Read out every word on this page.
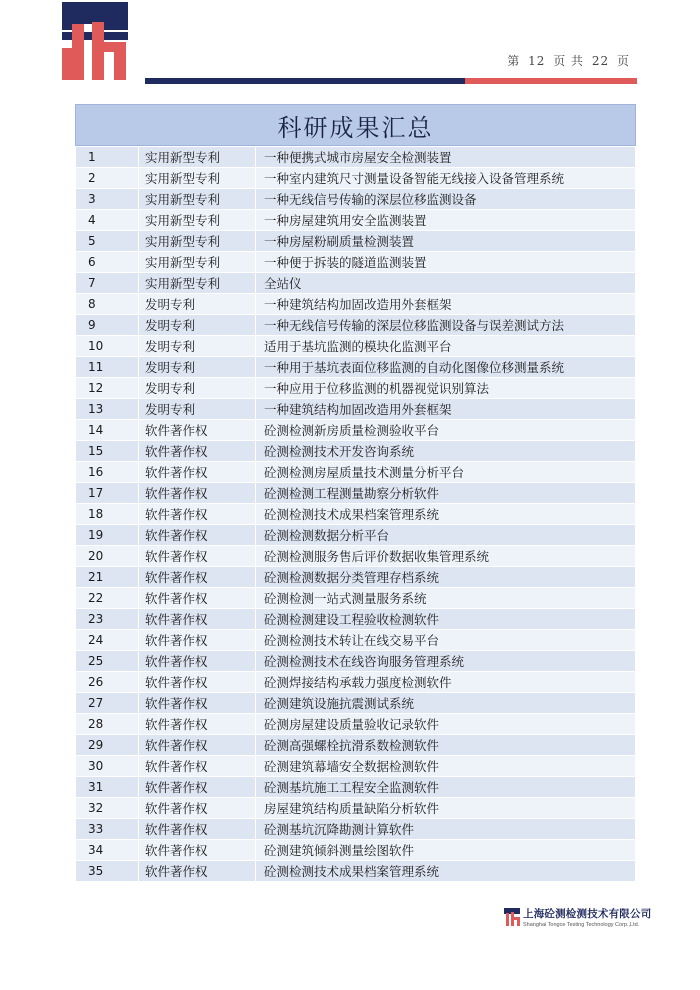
第 12 页 共 22 页
科研成果汇总
1	实用新型专利	一种便携式城市房屋安全检测装置
2	实用新型专利	一种室内建筑尺寸测量设备智能无线接入设备管理系统
3	实用新型专利	一种无线信号传输的深层位移监测设备
4	实用新型专利	一种房屋建筑用安全监测装置
5	实用新型专利	一种房屋粉刷质量检测装置
6	实用新型专利	一种便于拆装的隧道监测装置
7	实用新型专利	全站仪
8	发明专利	一种建筑结构加固改造用外套框架
9	发明专利	一种无线信号传输的深层位移监测设备与误差测试方法
10	发明专利	适用于基坑监测的模块化监测平台
11	发明专利	一种用于基坑表面位移监测的自动化图像位移测量系统
12	发明专利	一种应用于位移监测的机器视觉识别算法
13	发明专利	一种建筑结构加固改造用外套框架
14	软件著作权	砼测检测新房质量检测验收平台
15	软件著作权	砼测检测技术开发咨询系统
16	软件著作权	砼测检测房屋质量技术测量分析平台
17	软件著作权	砼测检测工程测量勘察分析软件
18	软件著作权	砼测检测技术成果档案管理系统
19	软件著作权	砼测检测数据分析平台
20	软件著作权	砼测检测服务售后评价数据收集管理系统
21	软件著作权	砼测检测数据分类管理存档系统
22	软件著作权	砼测检测一站式测量服务系统
23	软件著作权	砼测检测建设工程验收检测软件
24	软件著作权	砼测检测技术转让在线交易平台
25	软件著作权	砼测检测技术在线咨询服务管理系统
26	软件著作权	砼测焊接结构承载力强度检测软件
27	软件著作权	砼测建筑设施抗震测试系统
28	软件著作权	砼测房屋建设质量验收记录软件
29	软件著作权	砼测高强螺栓抗滑系数检测软件
30	软件著作权	砼测建筑幕墙安全数据检测软件
31	软件著作权	砼测基坑施工工程安全监测软件
32	软件著作权	房屋建筑结构质量缺陷分析软件
33	软件著作权	砼测基坑沉降勘测计算软件
34	软件著作权	砼测建筑倾斜测量绘图软件
35	软件著作权	砼测检测技术成果档案管理系统
上海砼测检测技术有限公司
Shanghai Tongce Testing Technology Corp.,Ltd.
